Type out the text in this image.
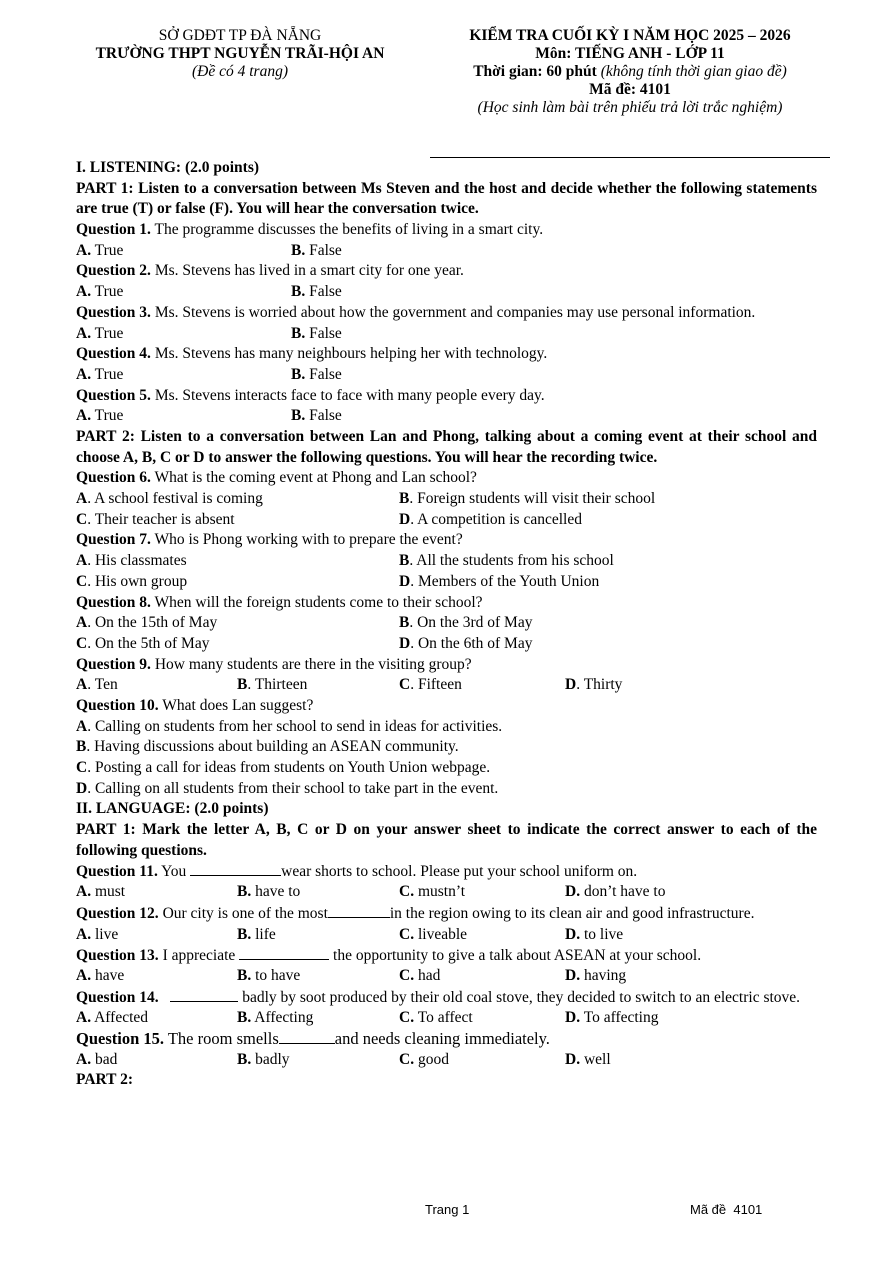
SỞ GDĐT TP ĐÀ NẴNG
TRƯỜNG THPT NGUYỄN TRÃI-HỘI AN
(Đề có 4 trang)
KIỂM TRA CUỐI KỲ I NĂM HỌC 2025 – 2026
Môn: TIẾNG ANH - LỚP 11
Thời gian: 60 phút (không tính thời gian giao đề)
Mã đề: 4101
(Học sinh làm bài trên phiếu trả lời trắc nghiệm)
I. LISTENING: (2.0 points)
PART 1: Listen to a conversation between Ms Steven and the host and decide whether the following statements are true (T) or false (F). You will hear the conversation twice.
Question 1. The programme discusses the benefits of living in a smart city.
A. True	B. False
Question 2. Ms. Stevens has lived in a smart city for one year.
A. True	B. False
Question 3. Ms. Stevens is worried about how the government and companies may use personal information.
A. True	B. False
Question 4. Ms. Stevens has many neighbours helping her with technology.
A. True	B. False
Question 5. Ms. Stevens interacts face to face with many people every day.
A. True	B. False
PART 2: Listen to a conversation between Lan and Phong, talking about a coming event at their school and choose A, B, C or D to answer the following questions. You will hear the recording twice.
Question 6. What is the coming event at Phong and Lan school?
A. A school festival is coming	B. Foreign students will visit their school
C. Their teacher is absent	D. A competition is cancelled
Question 7. Who is Phong working with to prepare the event?
A. His classmates	B. All the students from his school
C. His own group	D. Members of the Youth Union
Question 8. When will the foreign students come to their school?
A. On the 15th of May	B. On the 3rd of May
C. On the 5th of May	D. On the 6th of May
Question 9. How many students are there in the visiting group?
A. Ten	B. Thirteen	C. Fifteen	D. Thirty
Question 10. What does Lan suggest?
A. Calling on students from her school to send in ideas for activities.
B. Having discussions about building an ASEAN community.
C. Posting a call for ideas from students on Youth Union webpage.
D. Calling on all students from their school to take part in the event.
II. LANGUAGE: (2.0 points)
PART 1: Mark the letter A, B, C or D on your answer sheet to indicate the correct answer to each of the following questions.
Question 11. You	wear shorts to school. Please put your school uniform on.
A. must	B. have to	C. mustn’t	D. don’t have to
Question 12. Our city is one of the most	in the region owing to its clean air and good infrastructure.
A. live	B. life	C. liveable	D. to live
Question 13. I appreciate	the opportunity to give a talk about ASEAN at your school.
A. have	B. to have	C. had	D. having
Question 14.	badly by soot produced by their old coal stove, they decided to switch to an electric stove.
A. Affected	B. Affecting	C. To affect	D. To affecting
Question 15. The room smells	and needs cleaning immediately.
A. bad	B. badly	C. good	D. well
PART 2:
Trang 1	Mã đề  4101
